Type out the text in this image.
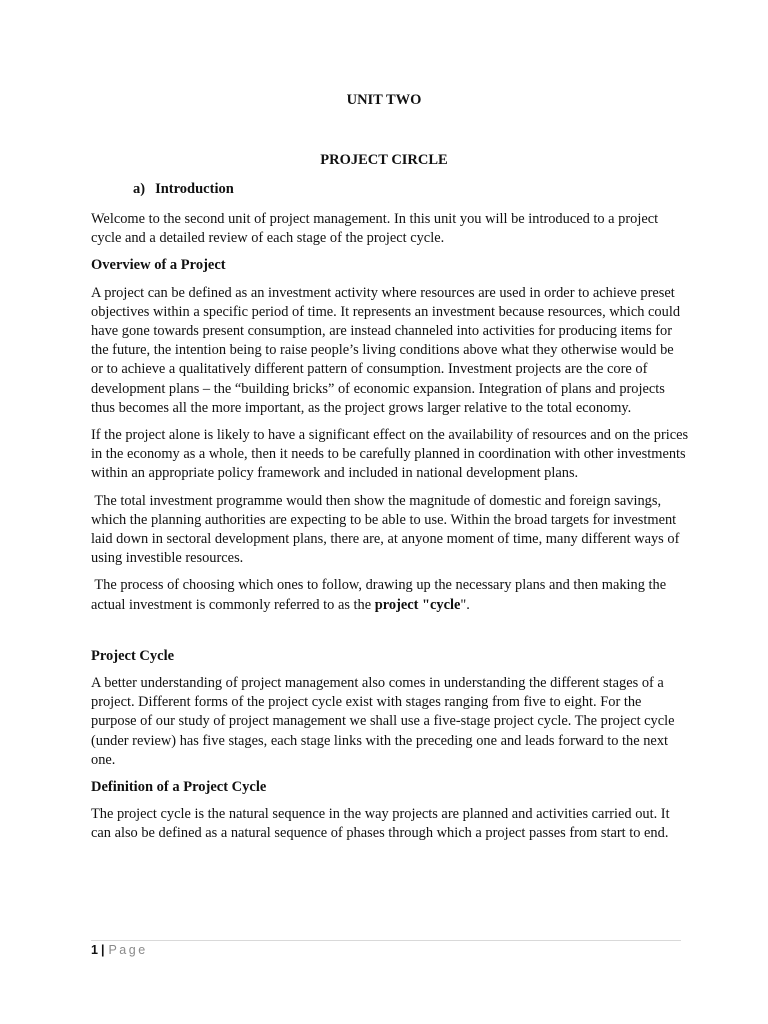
UNIT TWO
PROJECT CIRCLE
a) Introduction

Welcome to the second unit of project management. In this unit you will be introduced to a project cycle and a detailed review of each stage of the project cycle.

Overview of a Project

A project can be defined as an investment activity where resources are used in order to achieve preset objectives within a specific period of time. It represents an investment because resources, which could have gone towards present consumption, are instead channeled into activities for producing items for the future, the intention being to raise people’s living conditions above what they otherwise would be or to achieve a qualitatively different pattern of consumption. Investment projects are the core of development plans – the “building bricks” of economic expansion. Integration of plans and projects thus becomes all the more important, as the project grows larger relative to the total economy.

If the project alone is likely to have a significant effect on the availability of resources and on the prices in the economy as a whole, then it needs to be carefully planned in coordination with other investments within an appropriate policy framework and included in national development plans.

The total investment programme would then show the magnitude of domestic and foreign savings, which the planning authorities are expecting to be able to use. Within the broad targets for investment laid down in sectoral development plans, there are, at anyone moment of time, many different ways of using investible resources.

The process of choosing which ones to follow, drawing up the necessary plans and then making the actual investment is commonly referred to as the project "cycle".

Project Cycle

A better understanding of project management also comes in understanding the different stages of a project. Different forms of the project cycle exist with stages ranging from five to eight. For the purpose of our study of project management we shall use a five-stage project cycle. The project cycle (under review) has five stages, each stage links with the preceding one and leads forward to the next one.

Definition of a Project Cycle

The project cycle is the natural sequence in the way projects are planned and activities carried out. It can also be defined as a natural sequence of phases through which a project passes from start to end.

1 | Page
